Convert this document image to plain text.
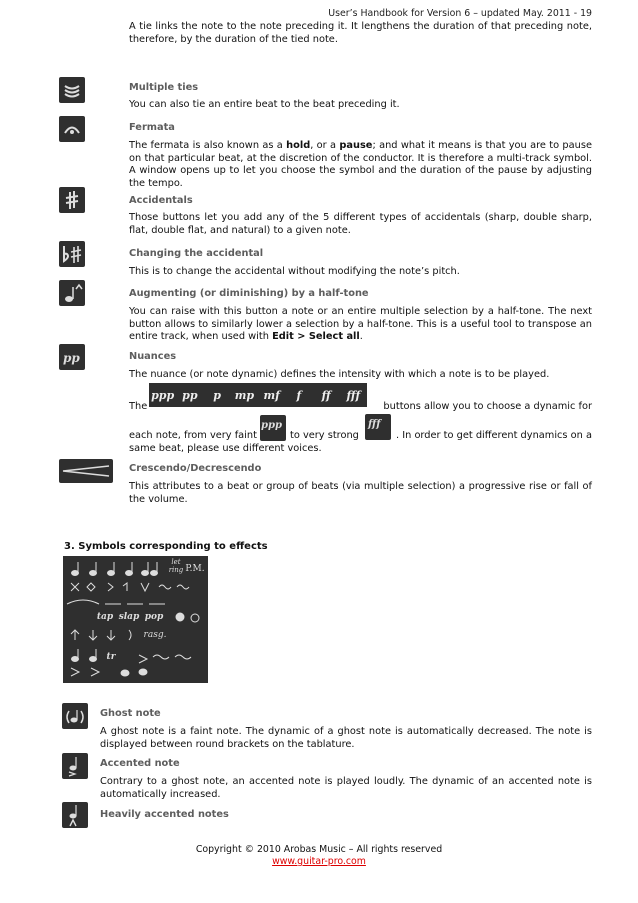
User’s Handbook for Version 6 – updated May. 2011 - 19
A tie links the note to the note preceding it. It lengthens the duration of that preceding note, therefore, by the duration of the tied note.
Multiple ties
You can also tie an entire beat to the beat preceding it.
Fermata
The fermata is also known as a hold, or a pause; and what it means is that you are to pause on that particular beat, at the discretion of the conductor. It is therefore a multi-track symbol. A window opens up to let you choose the symbol and the duration of the pause by adjusting the tempo.
Accidentals
Those buttons let you add any of the 5 different types of accidentals (sharp, double sharp, flat, double flat, and natural) to a given note.
Changing the accidental
This is to change the accidental without modifying the note’s pitch.
Augmenting (or diminishing) by a half-tone
You can raise with this button a note or an entire multiple selection by a half-tone. The next button allows to similarly lower a selection by a half-tone. This is a useful tool to transpose an entire track, when used with Edit > Select all.
pp	Nuances
The nuance (or note dynamic) defines the intensity with which a note is to be played.
The
ppp pp	p	mp mf	f	ff	fff
buttons allow you to choose a dynamic for
each note, from very faint
ppp
to very strong
fff
. In order to get different dynamics on a
same beat, please use different voices.
Crescendo/Decrescendo
This attributes to a beat or group of beats (via multiple selection) a progressive rise or fall of the volume.
3. Symbols corresponding to effects
let ring P.M.
tap slap pop
rasg.
tr
Ghost note
A ghost note is a faint note. The dynamic of a ghost note is automatically decreased. The note is displayed between round brackets on the tablature.
Accented note
Contrary to a ghost note, an accented note is played loudly. The dynamic of an accented note is automatically increased.
Heavily accented notes
Copyright © 2010 Arobas Music – All rights reserved
www.guitar-pro.com
